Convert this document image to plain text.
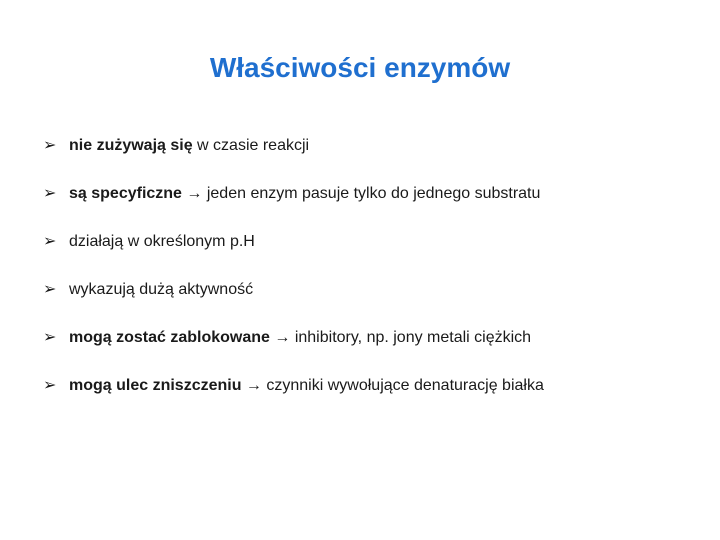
Właściwości enzymów
➢ nie zużywają się w czasie reakcji
➢ są specyficzne → jeden enzym pasuje tylko do jednego substratu
➢ działają w określonym p.H
➢ wykazują dużą aktywność
➢ mogą zostać zablokowane → inhibitory, np. jony metali ciężkich
➢ mogą ulec zniszczeniu → czynniki wywołujące denaturację białka
